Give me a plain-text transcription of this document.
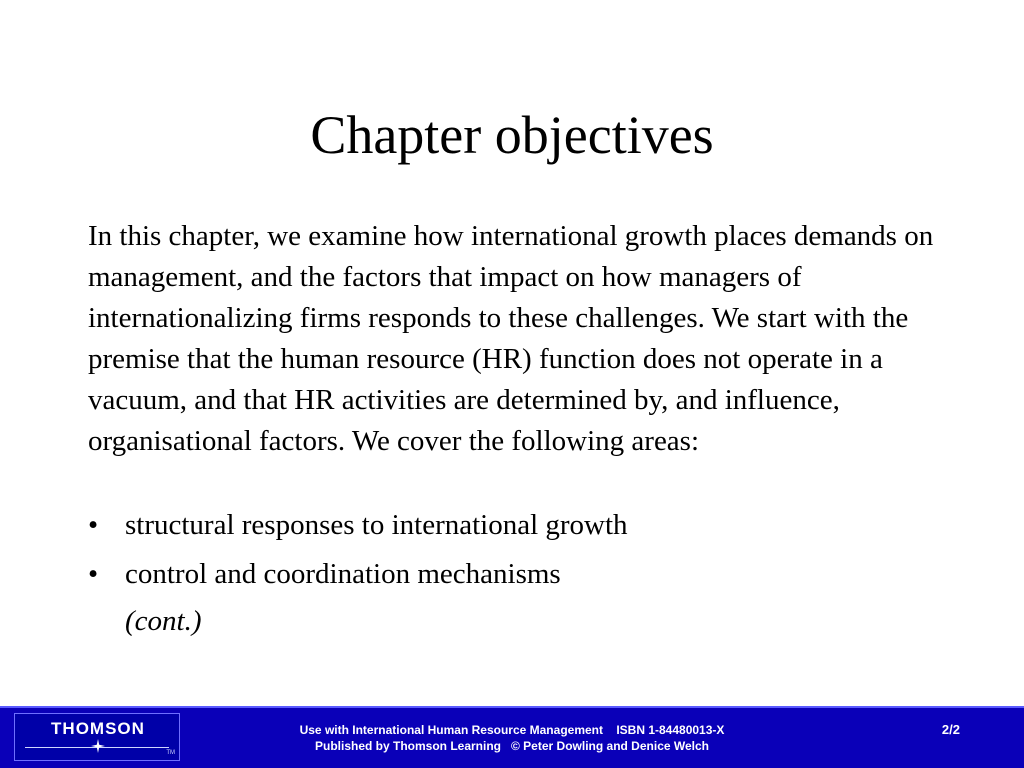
Chapter objectives

In this chapter, we examine how international growth places demands on management, and the factors that impact on how managers of internationalizing firms responds to these challenges. We start with the premise that the human resource (HR) function does not operate in a vacuum, and that HR activities are determined by, and influence, organisational factors. We cover the following areas:

• structural responses to international growth
• control and coordination mechanisms
(cont.)
THOMSON
TM
Use with International Human Resource Management    ISBN 1-84480013-X
Published by Thomson Learning   © Peter Dowling and Denice Welch
2/2
